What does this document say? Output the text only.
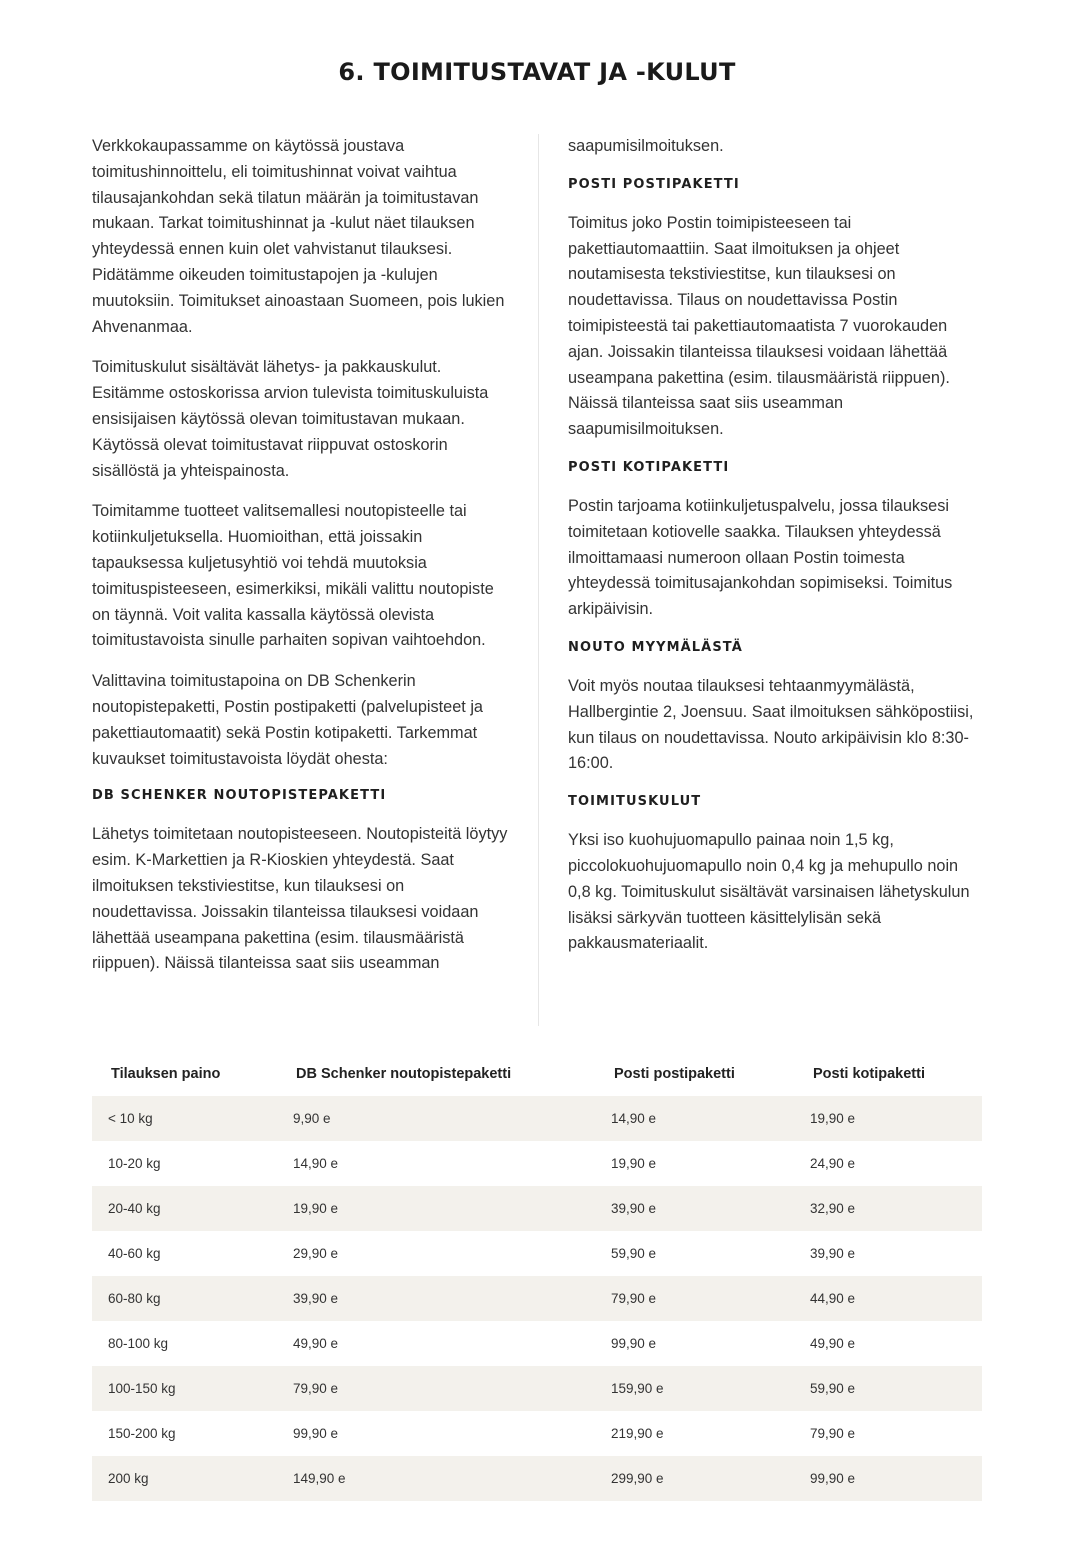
6. TOIMITUSTAVAT JA -KULUT

Verkkokaupassamme on käytössä joustava toimitushinnoittelu, eli toimitushinnat voivat vaihtua tilausajankohdan sekä tilatun määrän ja toimitustavan mukaan. Tarkat toimitushinnat ja -kulut näet tilauksen yhteydessä ennen kuin olet vahvistanut tilauksesi. Pidätämme oikeuden toimitustapojen ja -kulujen muutoksiin. Toimitukset ainoastaan Suomeen, pois lukien Ahvenanmaa.

Toimituskulut sisältävät lähetys- ja pakkauskulut. Esitämme ostoskorissa arvion tulevista toimituskuluista ensisijaisen käytössä olevan toimitustavan mukaan. Käytössä olevat toimitustavat riippuvat ostoskorin sisällöstä ja yhteispainosta.

Toimitamme tuotteet valitsemallesi noutopisteelle tai kotiinkuljetuksella. Huomioithan, että joissakin tapauksessa kuljetusyhtiö voi tehdä muutoksia toimituspisteeseen, esimerkiksi, mikäli valittu noutopiste on täynnä. Voit valita kassalla käytössä olevista toimitustavoista sinulle parhaiten sopivan vaihtoehdon.

Valittavina toimitustapoina on DB Schenkerin noutopistepaketti, Postin postipaketti (palvelupisteet ja pakettiautomaatit) sekä Postin kotipaketti. Tarkemmat kuvaukset toimitustavoista löydät ohesta:

DB SCHENKER NOUTOPISTEPAKETTI

Lähetys toimitetaan noutopisteeseen. Noutopisteitä löytyy esim. K-Markettien ja R-Kioskien yhteydestä. Saat ilmoituksen tekstiviestitse, kun tilauksesi on noudettavissa. Joissakin tilanteissa tilauksesi voidaan lähettää useampana pakettina (esim. tilausmääristä riippuen). Näissä tilanteissa saat siis useamman

saapumisilmoituksen.

POSTI POSTIPAKETTI

Toimitus joko Postin toimipisteeseen tai pakettiautomaattiin. Saat ilmoituksen ja ohjeet noutamisesta tekstiviestitse, kun tilauksesi on noudettavissa. Tilaus on noudettavissa Postin toimipisteestä tai pakettiautomaatista 7 vuorokauden ajan. Joissakin tilanteissa tilauksesi voidaan lähettää useampana pakettina (esim. tilausmääristä riippuen). Näissä tilanteissa saat siis useamman saapumisilmoituksen.

POSTI KOTIPAKETTI

Postin tarjoama kotiinkuljetuspalvelu, jossa tilauksesi toimitetaan kotiovelle saakka. Tilauksen yhteydessä ilmoittamaasi numeroon ollaan Postin toimesta yhteydessä toimitusajankohdan sopimiseksi. Toimitus arkipäivisin.

NOUTO MYYMÄLÄSTÄ

Voit myös noutaa tilauksesi tehtaanmyymälästä, Hallbergintie 2, Joensuu. Saat ilmoituksen sähköpostiisi, kun tilaus on noudettavissa. Nouto arkipäivisin klo 8:30-16:00.

TOIMITUSKULUT

Yksi iso kuohujuomapullo painaa noin 1,5 kg, piccolokuohujuomapullo noin 0,4 kg ja mehupullo noin 0,8 kg. Toimituskulut sisältävät varsinaisen lähetyskulun lisäksi särkyvän tuotteen käsittelylisän sekä pakkausmateriaalit.

Tilauksen paino	DB Schenker noutopistepaketti	Posti postipaketti	Posti kotipaketti
< 10 kg	9,90 e	14,90 e	19,90 e
10-20 kg	14,90 e	19,90 e	24,90 e
20-40 kg	19,90 e	39,90 e	32,90 e
40-60 kg	29,90 e	59,90 e	39,90 e
60-80 kg	39,90 e	79,90 e	44,90 e
80-100 kg	49,90 e	99,90 e	49,90 e
100-150 kg	79,90 e	159,90 e	59,90 e
150-200 kg	99,90 e	219,90 e	79,90 e
200 kg	149,90 e	299,90 e	99,90 e
